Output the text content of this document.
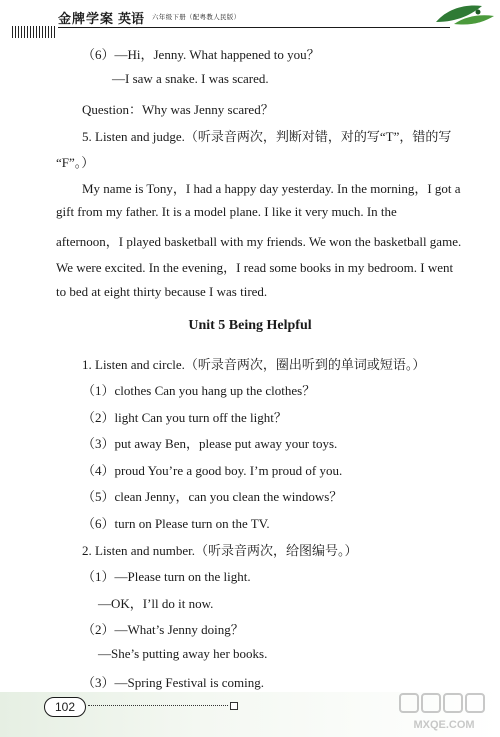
金牌学案 英语 六年级下册（配粤教人民版）
（6）—Hi，Jenny. What happened to you？
—I saw a snake. I was scared.
Question：Why was Jenny scared？
5. Listen and judge.（听录音两次，判断对错，对的写“T”，错的写
“F”。）
My name is Tony，I had a happy day yesterday. In the morning，I got a
gift from my father. It is a model plane. I like it very much. In the
afternoon，I played basketball with my friends. We won the basketball game.
We were excited. In the evening，I read some books in my bedroom. I went
to bed at eight thirty because I was tired.
Unit 5 Being Helpful
1. Listen and circle.（听录音两次，圈出听到的单词或短语。）
（1）clothes Can you hang up the clothes？
（2）light Can you turn off the light？
（3）put away Ben，please put away your toys.
（4）proud You’re a good boy. I’m proud of you.
（5）clean Jenny，can you clean the windows？
（6）turn on Please turn on the TV.
2. Listen and number.（听录音两次，给图编号。）
（1）—Please turn on the light.
—OK，I’ll do it now.
（2）—What’s Jenny doing？
—She’s putting away her books.
（3）—Spring Festival is coming.
102
MXQE.COM
